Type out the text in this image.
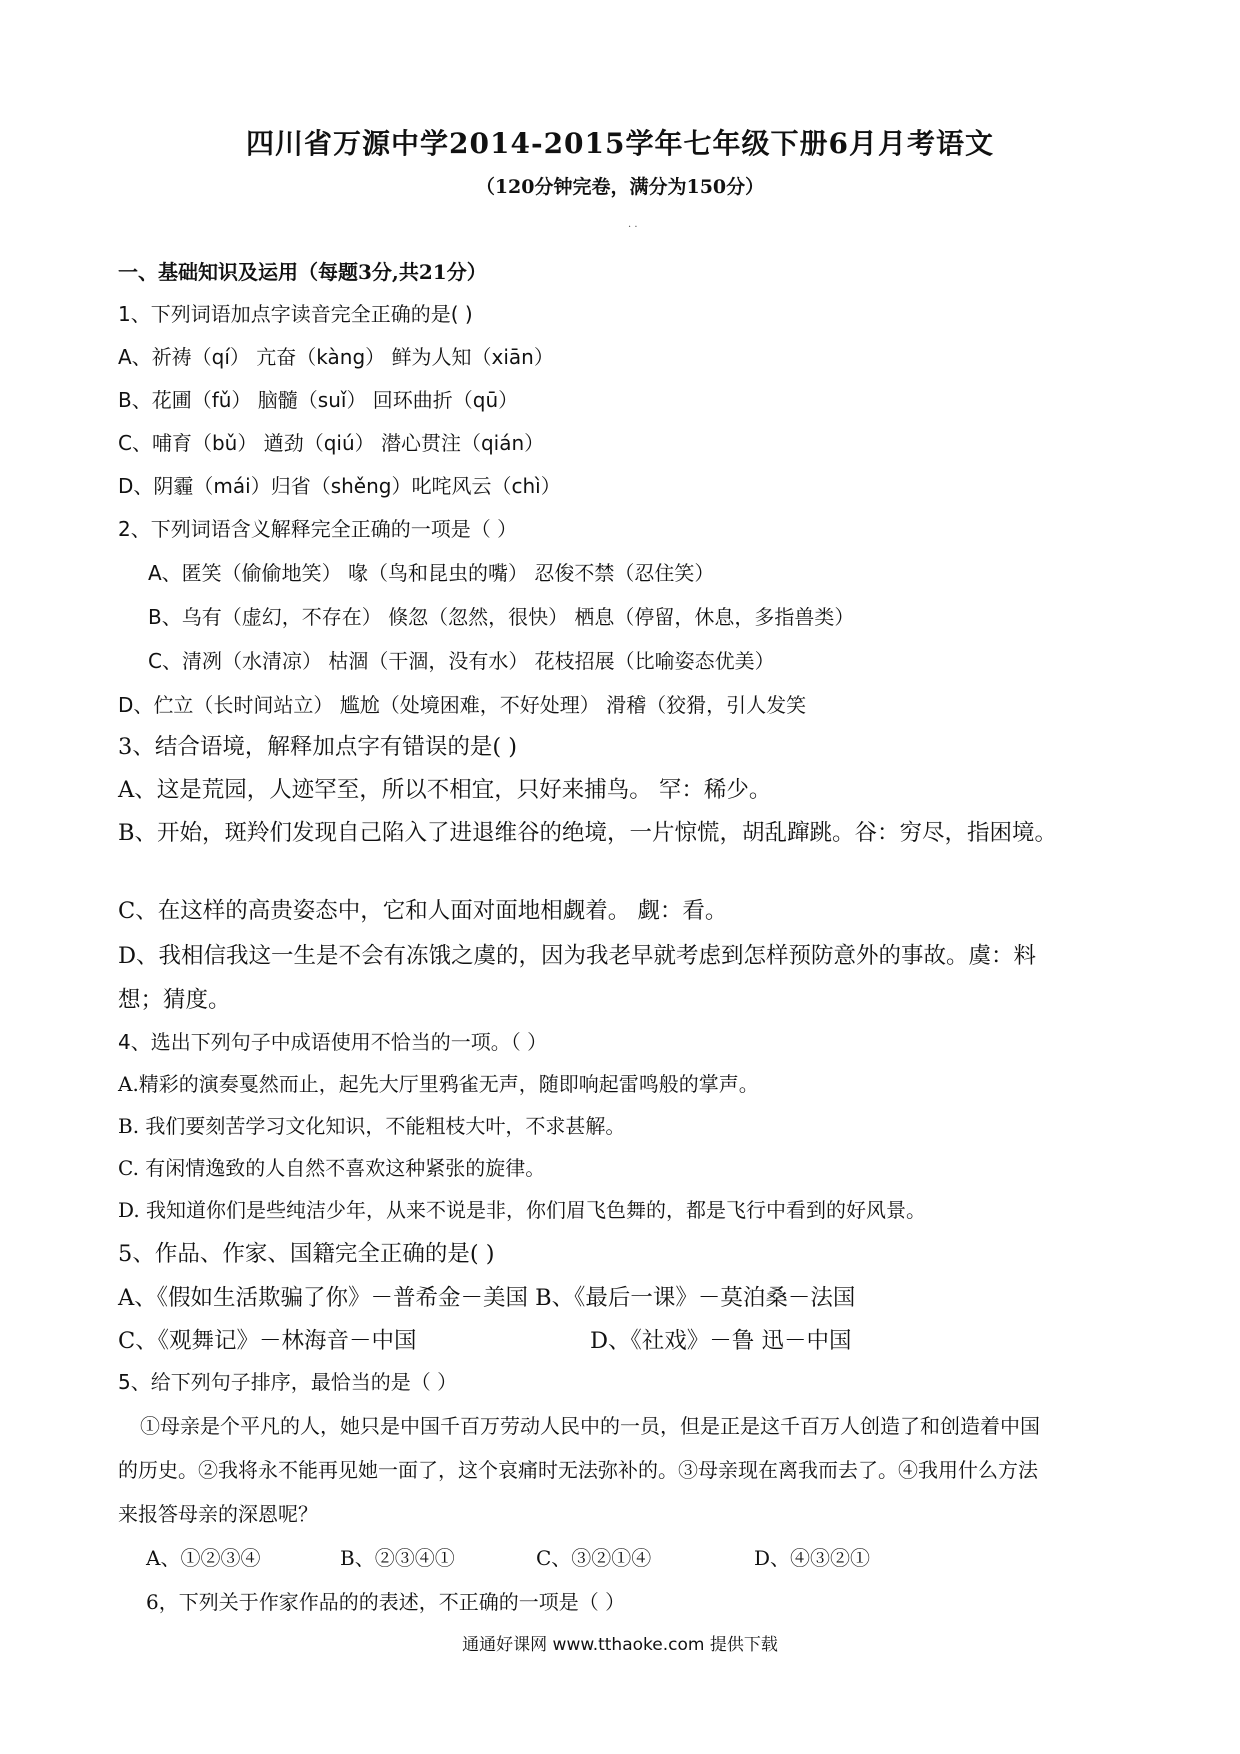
四川省万源中学2014-2015学年七年级下册6月月考语文
（120分钟完卷，满分为150分）
· ·
一、基础知识及运用（每题3分,共21分）
1、下列词语加点字读音完全正确的是( )
A、祈祷（qí） 亢奋（kàng） 鲜为人知（xiān）
B、花圃（fǔ） 脑髓（suǐ） 回环曲折（qū）
C、哺育（bǔ） 遒劲（qiú） 潜心贯注（qián）
D、阴霾（mái）归省（shěng）叱咤风云（chì）
2、下列词语含义解释完全正确的一项是（ ）
A、匿笑（偷偷地笑） 喙（鸟和昆虫的嘴） 忍俊不禁（忍住笑）
B、乌有（虚幻，不存在） 倏忽（忽然，很快） 栖息（停留，休息，多指兽类）
C、清冽（水清凉） 枯涸（干涸，没有水） 花枝招展（比喻姿态优美）
D、伫立（长时间站立） 尴尬（处境困难，不好处理） 滑稽（狡猾，引人发笑
3、结合语境，解释加点字有错误的是( )
A、这是荒园，人迹罕至，所以不相宜，只好来捕鸟。 罕：稀少。
B、开始，斑羚们发现自己陷入了进退维谷的绝境，一片惊慌，胡乱蹿跳。谷：穷尽，指困境。
C、在这样的高贵姿态中，它和人面对面地相觑着。 觑：看。
D、我相信我这一生是不会有冻饿之虞的，因为我老早就考虑到怎样预防意外的事故。虞：料
想；猜度。
4、选出下列句子中成语使用不恰当的一项。（ ）
A.精彩的演奏戛然而止，起先大厅里鸦雀无声，随即响起雷鸣般的掌声。
B. 我们要刻苦学习文化知识，不能粗枝大叶，不求甚解。
C. 有闲情逸致的人自然不喜欢这种紧张的旋律。
D. 我知道你们是些纯洁少年，从来不说是非，你们眉飞色舞的，都是飞行中看到的好风景。
5、作品、作家、国籍完全正确的是( )
A、《假如生活欺骗了你》－普希金－美国 B、《最后一课》－莫泊桑－法国
C、《观舞记》－林海音－中国	D、《社戏》－鲁 迅－中国
5、给下列句子排序，最恰当的是（ ）
①母亲是个平凡的人，她只是中国千百万劳动人民中的一员，但是正是这千百万人创造了和创造着中国
的历史。②我将永不能再见她一面了，这个哀痛时无法弥补的。③母亲现在离我而去了。④我用什么方法
来报答母亲的深恩呢？
A、①②③④	B、②③④①	C、③②①④	D、④③②①
6，下列关于作家作品的的表述，不正确的一项是（ ）
通通好课网 www.tthaoke.com 提供下载
